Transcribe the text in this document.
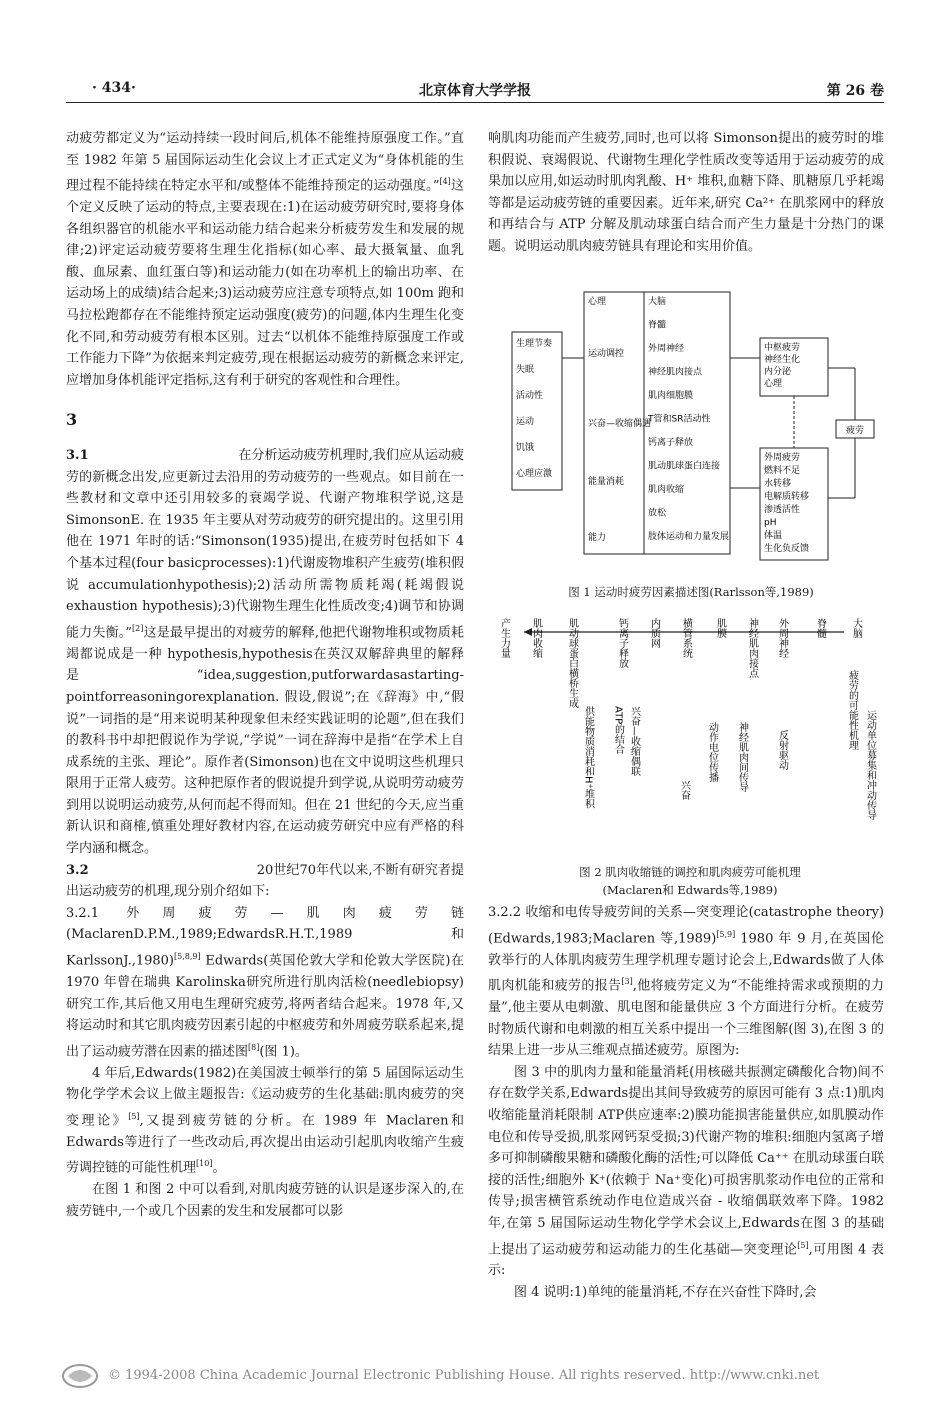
· 434·	北京体育大学学报	第 26 卷

动疲劳都定义为“运动持续一段时间后,机体不能维持原强度工作。”直至 1982 年第 5 届国际运动生化会议上才正式定义为“身体机能的生理过程不能持续在特定水平和/或整体不能维持预定的运动强度。”[4]这个定义反映了运动的特点,主要表现在:1)在运动疲劳研究时,要将身体各组织器官的机能水平和运动能力结合起来分析疲劳发生和发展的规律;2)评定运动疲劳要将生理生化指标(如心率、最大摄氧量、血乳酸、血尿素、血红蛋白等)和运动能力(如在功率机上的输出功率、在运动场上的成绩)结合起来;3)运动疲劳应注意专项特点,如 100m 跑和马拉松跑都存在不能维持预定运动强度(疲劳)的问题,体内生理生化变化不同,和劳动疲劳有根本区别。过去“以机体不能维持原强度工作或工作能力下降”为依据来判定疲劳,现在根据运动疲劳的新概念来评定,应增加身体机能评定指标,这有利于研究的客观性和合理性。

3

3.1	在分析运动疲劳机理时,我们应从运动疲劳的新概念出发,应更新过去沿用的劳动疲劳的一些观点。如目前在一些教材和文章中还引用较多的衰竭学说、代谢产物堆积学说,这是 SimonsonE. 在 1935 年主要从对劳动疲劳的研究提出的。这里引用他在 1971 年时的话:“Simonson(1935)提出,在疲劳时包括如下 4 个基本过程(four basicprocesses):1)代谢废物堆积产生疲劳(堆积假说 accumulationhypothesis);2)活动所需物质耗竭(耗竭假说 exhaustion hypothesis);3)代谢物生理生化性质改变;4)调节和协调能力失衡。”[2]这是最早提出的对疲劳的解释,他把代谢物堆积或物质耗竭都说成是一种 hypothesis,hypothesis在英汉双解辞典里的解释是“idea,suggestion,putforwardasastarting-pointforreasoningorexplanation. 假设,假说”;在《辞海》中,“假说”一词指的是“用来说明某种现象但未经实践证明的论题”,但在我们的教科书中却把假说作为学说,“学说”一词在辞海中是指“在学术上自成系统的主张、理论”。原作者(Simonson)也在文中说明这些机理只限用于正常人疲劳。这种把原作者的假说提升到学说,从说明劳动疲劳到用以说明运动疲劳,从何而起不得而知。但在 21 世纪的今天,应当重新认识和商榷,慎重处理好教材内容,在运动疲劳研究中应有严格的科学内涵和概念。

3.2	20世纪70年代以来,不断有研究者提出运动疲劳的机理,现分别介绍如下:

3.2.1 外周疲劳—肌肉疲劳链(MaclarenD.P.M.,1989;EdwardsR.H.T.,1989 和 KarlssonJ.,1980)[5,8,9] Edwards(英国伦敦大学和伦敦大学医院)在 1970 年曾在瑞典 Karolinska研究所进行肌肉活检(needlebiopsy)研究工作,其后他又用电生理研究疲劳,将两者结合起来。1978 年,又将运动时和其它肌肉疲劳因素引起的中枢疲劳和外周疲劳联系起来,提出了运动疲劳潜在因素的描述图[8](图 1)。

4 年后,Edwards(1982)在美国波士顿举行的第 5 届国际运动生物化学学术会议上做主题报告:《运动疲劳的生化基础:肌肉疲劳的突变理论》[5],又提到疲劳链的分析。在 1989 年 Maclaren和 Edwards等进行了一些改动后,再次提出由运动引起肌肉收缩产生疲劳调控链的可能性机理[10]。

在图 1 和图 2 中可以看到,对肌肉疲劳链的认识是逐步深入的,在疲劳链中,一个或几个因素的发生和发展都可以影

响肌肉功能而产生疲劳,同时,也可以将 Simonson提出的疲劳时的堆积假说、衰竭假说、代谢物生理化学性质改变等适用于运动疲劳的成果加以应用,如运动时肌肉乳酸、H⁺ 堆积,血糖下降、肌糖原几乎耗竭等都是运动疲劳链的重要因素。近年来,研究 Ca²⁺ 在肌浆网中的释放和再结合与 ATP 分解及肌动球蛋白结合而产生力量是十分热门的课题。说明运动肌肉疲劳链具有理论和实用价值。

生理节奏
失眠
活动性
运动
饥饿
心理应激
心理
运动调控
兴奋—收缩偶遇
能量消耗
能力
大脑
脊髓
外周神经
神经肌肉接点
肌肉细胞膜
T管和SR活动性
钙离子释放
肌动肌球蛋白连接
肌肉收缩
放松
肢体运动和力量发展
中枢疲劳
神经生化
内分泌
心理
外周疲劳
燃料不足
水转移
电解质转移
渗透活性
pH
体温
生化负反馈
疲劳
图 1 运动时疲劳因素描述图(Rarlsson等,1989)
产生力量 肌肉收缩	肌动球蛋白横桥生成	钙离子释放 内质网 横管系统 肌膜 神经肌肉接点 外周神经	脊髓	大脑
供能物质消耗和H⁺堆积 ATP的结合 兴奋—收缩偶联
兴奋
动作电位传播 神经肌肉间传导	反射驱动	疲劳的可能性机理 运动单位募集和冲动传导
图 2 肌肉收缩链的调控和肌肉疲劳可能机理
(Maclaren和 Edwards等,1989)

3.2.2 收缩和电传导疲劳间的关系—突变理论(catastrophe theory)(Edwards,1983;Maclaren 等,1989)[5,9] 1980 年 9 月,在英国伦敦举行的人体肌肉疲劳生理学机理专题讨论会上,Edwards做了人体肌肉机能和疲劳的报告[3],他将疲劳定义为“不能维持需求或预期的力量”,他主要从电刺激、肌电图和能量供应 3 个方面进行分析。在疲劳时物质代谢和电刺激的相互关系中提出一个三维图解(图 3),在图 3 的结果上进一步从三维观点描述疲劳。原图为:

图 3 中的肌肉力量和能量消耗(用核磁共振测定磷酸化合物)间不存在数学关系,Edwards提出其间导致疲劳的原因可能有 3 点:1)肌肉收缩能量消耗限制 ATP供应速率:2)膜功能损害能量供应,如肌膜动作电位和传导受损,肌浆网钙泵受损;3)代谢产物的堆积:细胞内氢离子增多可抑制磷酸果糖和磷酸化酶的活性;可以降低 Ca⁺⁺ 在肌动球蛋白联接的活性;细胞外 K⁺(依赖于 Na⁺变化)可损害肌浆动作电位的正常和传导;损害横管系统动作电位造成兴奋 - 收缩偶联效率下降。1982 年,在第 5 届国际运动生物化学学术会议上,Edwards在图 3 的基础上提出了运动疲劳和运动能力的生化基础—突变理论[5],可用图 4 表示:

图 4 说明:1)单纯的能量消耗,不存在兴奋性下降时,会

© 1994-2008 China Academic Journal Electronic Publishing House. All rights reserved. http://www.cnki.net
